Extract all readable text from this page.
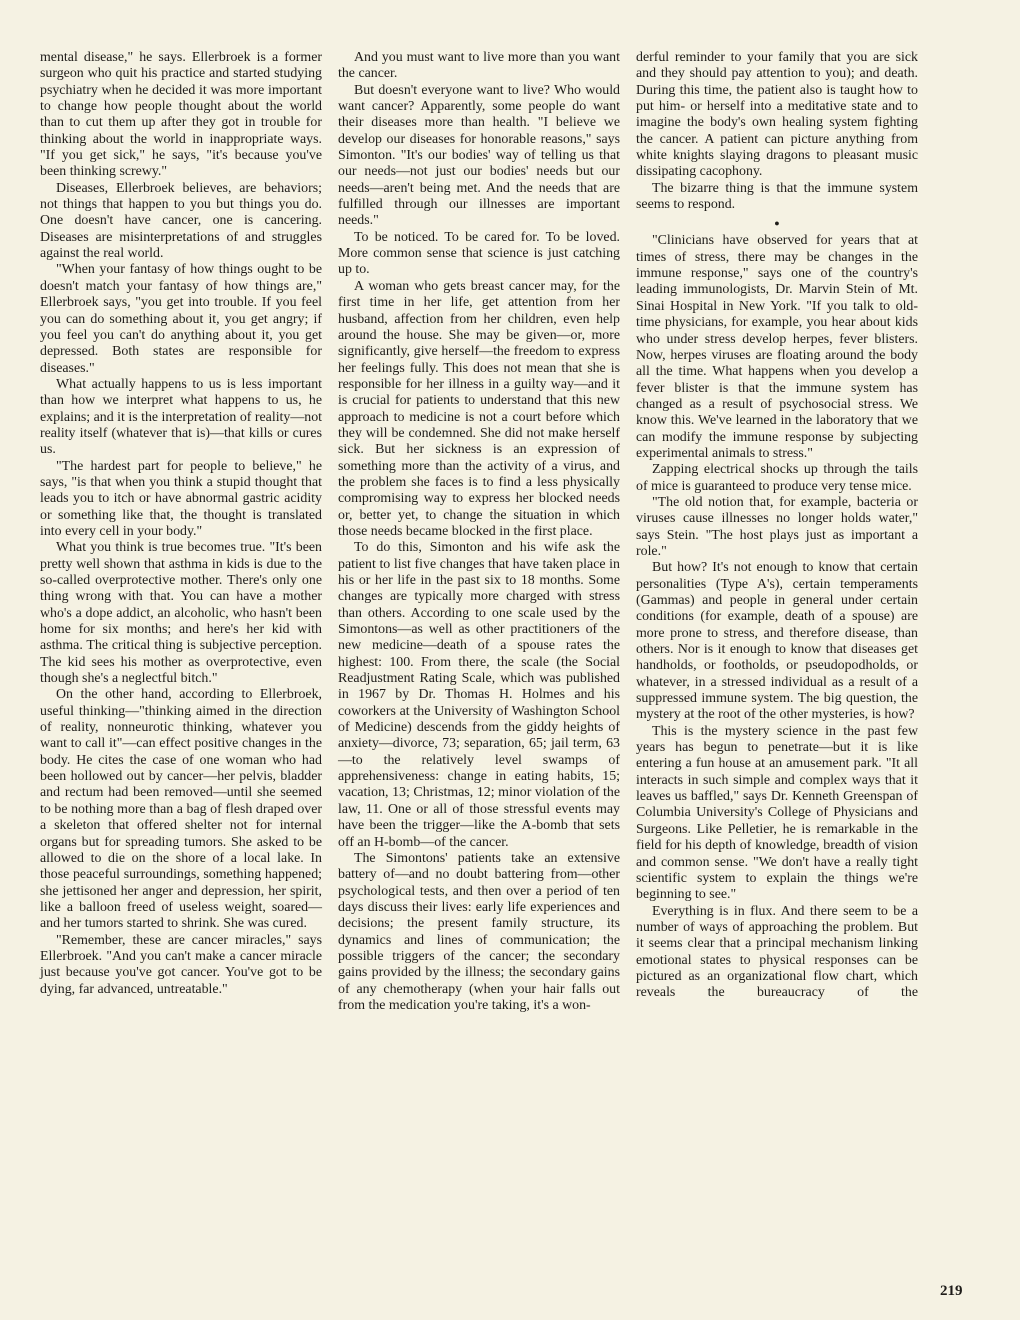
mental disease," he says. Ellerbroek is a former surgeon who quit his practice and started studying psychiatry when he decided it was more important to change how people thought about the world than to cut them up after they got in trouble for thinking about the world in inappropriate ways. "If you get sick," he says, "it's because you've been thinking screwy."

Diseases, Ellerbroek believes, are behaviors; not things that happen to you but things you do. One doesn't have cancer, one is cancering. Diseases are misinterpretations of and struggles against the real world.

"When your fantasy of how things ought to be doesn't match your fantasy of how things are," Ellerbroek says, "you get into trouble. If you feel you can do something about it, you get angry; if you feel you can't do anything about it, you get depressed. Both states are responsible for diseases."

What actually happens to us is less important than how we interpret what happens to us, he explains; and it is the interpretation of reality—not reality itself (whatever that is)—that kills or cures us.

"The hardest part for people to believe," he says, "is that when you think a stupid thought that leads you to itch or have abnormal gastric acidity or something like that, the thought is translated into every cell in your body."

What you think is true becomes true. "It's been pretty well shown that asthma in kids is due to the so-called overprotective mother. There's only one thing wrong with that. You can have a mother who's a dope addict, an alcoholic, who hasn't been home for six months; and here's her kid with asthma. The critical thing is subjective perception. The kid sees his mother as overprotective, even though she's a neglectful bitch."

On the other hand, according to Ellerbroek, useful thinking—"thinking aimed in the direction of reality, nonneurotic thinking, whatever you want to call it"—can effect positive changes in the body. He cites the case of one woman who had been hollowed out by cancer—her pelvis, bladder and rectum had been removed—until she seemed to be nothing more than a bag of flesh draped over a skeleton that offered shelter not for internal organs but for spreading tumors. She asked to be allowed to die on the shore of a local lake. In those peaceful surroundings, something happened; she jettisoned her anger and depression, her spirit, like a balloon freed of useless weight, soared—and her tumors started to shrink. She was cured.

"Remember, these are cancer miracles," says Ellerbroek. "And you can't make a cancer miracle just because you've got cancer. You've got to be dying, far advanced, untreatable."

And you must want to live more than you want the cancer.

But doesn't everyone want to live? Who would want cancer? Apparently, some people do want their diseases more than health. "I believe we develop our diseases for honorable reasons," says Simonton. "It's our bodies' way of telling us that our needs—not just our bodies' needs but our needs—aren't being met. And the needs that are fulfilled through our illnesses are important needs."

To be noticed. To be cared for. To be loved. More common sense that science is just catching up to.

A woman who gets breast cancer may, for the first time in her life, get attention from her husband, affection from her children, even help around the house. She may be given—or, more significantly, give herself—the freedom to express her feelings fully. This does not mean that she is responsible for her illness in a guilty way—and it is crucial for patients to understand that this new approach to medicine is not a court before which they will be condemned. She did not make herself sick. But her sickness is an expression of something more than the activity of a virus, and the problem she faces is to find a less physically compromising way to express her blocked needs or, better yet, to change the situation in which those needs became blocked in the first place.

To do this, Simonton and his wife ask the patient to list five changes that have taken place in his or her life in the past six to 18 months. Some changes are typically more charged with stress than others. According to one scale used by the Simontons—as well as other practitioners of the new medicine—death of a spouse rates the highest: 100. From there, the scale (the Social Readjustment Rating Scale, which was published in 1967 by Dr. Thomas H. Holmes and his coworkers at the University of Washington School of Medicine) descends from the giddy heights of anxiety—divorce, 73; separation, 65; jail term, 63—to the relatively level swamps of apprehensiveness: change in eating habits, 15; vacation, 13; Christmas, 12; minor violation of the law, 11. One or all of those stressful events may have been the trigger—like the A-bomb that sets off an H-bomb—of the cancer.

The Simontons' patients take an extensive battery of—and no doubt battering from—other psychological tests, and then over a period of ten days discuss their lives: early life experiences and decisions; the present family structure, its dynamics and lines of communication; the possible triggers of the cancer; the secondary gains provided by the illness; the secondary gains of any chemotherapy (when your hair falls out from the medication you're taking, it's a won-

derful reminder to your family that you are sick and they should pay attention to you); and death. During this time, the patient also is taught how to put him- or herself into a meditative state and to imagine the body's own healing system fighting the cancer. A patient can picture anything from white knights slaying dragons to pleasant music dissipating cacophony.

The bizarre thing is that the immune system seems to respond.

●

"Clinicians have observed for years that at times of stress, there may be changes in the immune response," says one of the country's leading immunologists, Dr. Marvin Stein of Mt. Sinai Hospital in New York. "If you talk to old-time physicians, for example, you hear about kids who under stress develop herpes, fever blisters. Now, herpes viruses are floating around the body all the time. What happens when you develop a fever blister is that the immune system has changed as a result of psychosocial stress. We know this. We've learned in the laboratory that we can modify the immune response by subjecting experimental animals to stress."

Zapping electrical shocks up through the tails of mice is guaranteed to produce very tense mice.

"The old notion that, for example, bacteria or viruses cause illnesses no longer holds water," says Stein. "The host plays just as important a role."

But how? It's not enough to know that certain personalities (Type A's), certain temperaments (Gammas) and people in general under certain conditions (for example, death of a spouse) are more prone to stress, and therefore disease, than others. Nor is it enough to know that diseases get handholds, or footholds, or pseudopodholds, or whatever, in a stressed individual as a result of a suppressed immune system. The big question, the mystery at the root of the other mysteries, is how?

This is the mystery science in the past few years has begun to penetrate—but it is like entering a fun house at an amusement park. "It all interacts in such simple and complex ways that it leaves us baffled," says Dr. Kenneth Greenspan of Columbia University's College of Physicians and Surgeons. Like Pelletier, he is remarkable in the field for his depth of knowledge, breadth of vision and common sense. "We don't have a really tight scientific system to explain the things we're beginning to see."

Everything is in flux. And there seem to be a number of ways of approaching the problem. But it seems clear that a principal mechanism linking emotional states to physical responses can be pictured as an organizational flow chart, which reveals the bureaucracy of the

219
